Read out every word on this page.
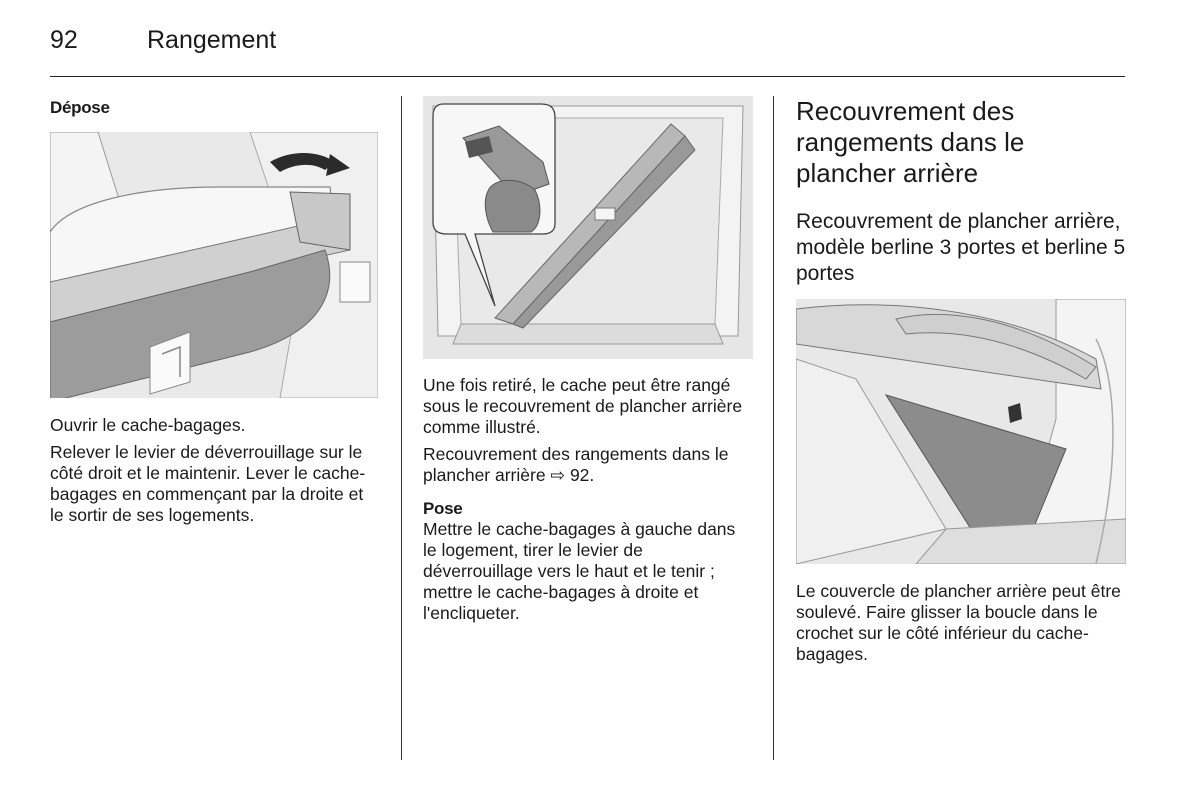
92	Rangement
Dépose

Ouvrir le cache-bagages.

Relever le levier de déverrouillage sur le côté droit et le maintenir. Lever le cache-bagages en commençant par la droite et le sortir de ses logements.

Une fois retiré, le cache peut être rangé sous le recouvrement de plancher arrière comme illustré.

Recouvrement des rangements dans le plancher arrière ⇨ 92.

Pose

Mettre le cache-bagages à gauche dans le logement, tirer le levier de déverrouillage vers le haut et le tenir ; mettre le cache-bagages à droite et l'encliqueter.

Recouvrement des rangements dans le plancher arrière

Recouvrement de plancher arrière, modèle berline 3 portes et berline 5 portes

Le couvercle de plancher arrière peut être soulevé. Faire glisser la boucle dans le crochet sur le côté inférieur du cache-bagages.
